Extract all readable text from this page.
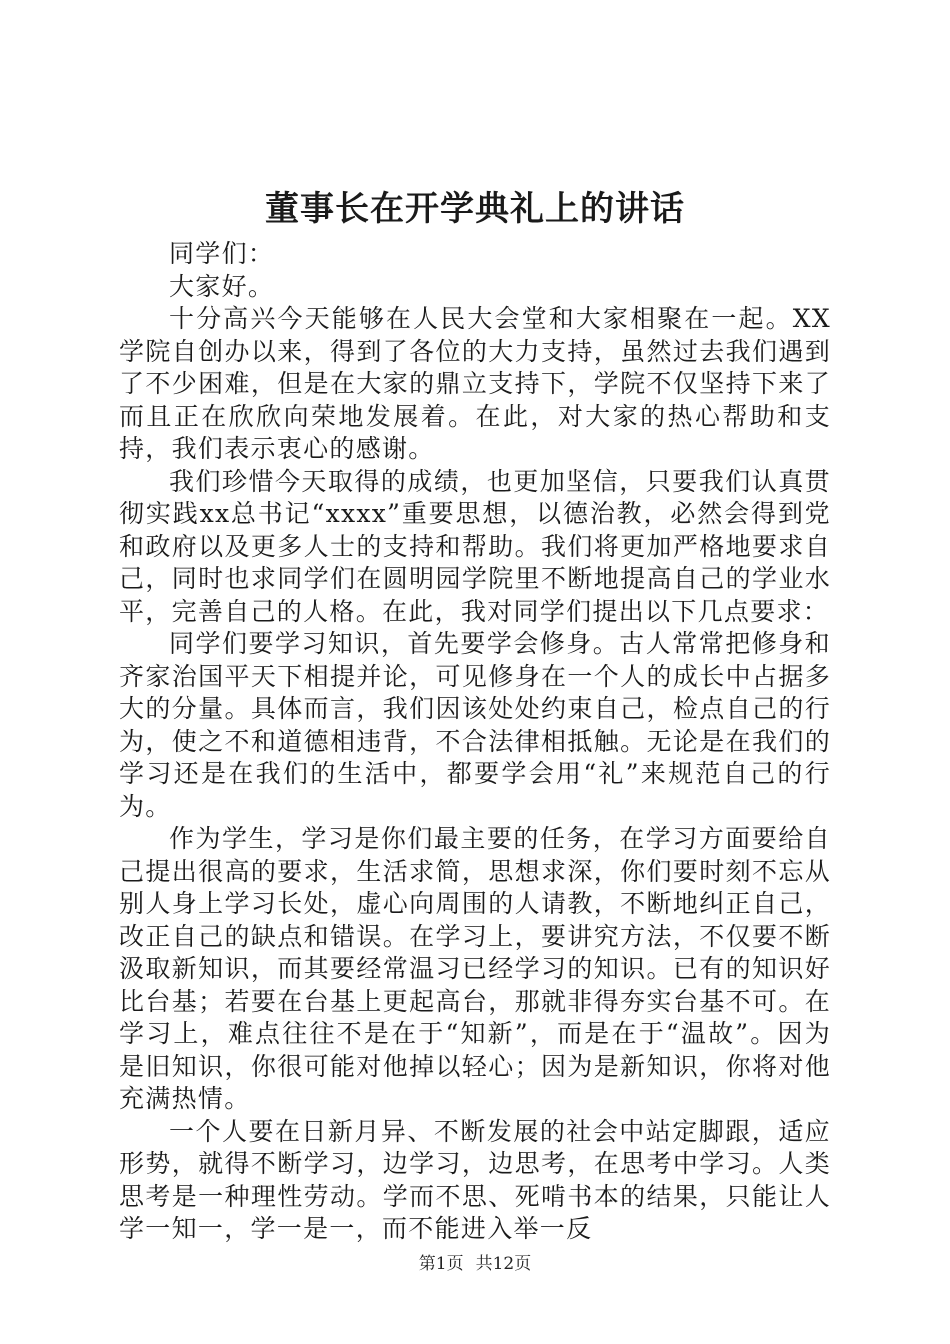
董事长在开学典礼上的讲话

同学们：

大家好。

十分高兴今天能够在人民大会堂和大家相聚在一起。XX学院自创办以来，得到了各位的大力支持，虽然过去我们遇到了不少困难，但是在大家的鼎立支持下，学院不仅坚持下来了而且正在欣欣向荣地发展着。在此，对大家的热心帮助和支持，我们表示衷心的感谢。

我们珍惜今天取得的成绩，也更加坚信，只要我们认真贯彻实践xx总书记“xxxx”重要思想，以德治教，必然会得到党和政府以及更多人士的支持和帮助。我们将更加严格地要求自己，同时也求同学们在圆明园学院里不断地提高自己的学业水平，完善自己的人格。在此，我对同学们提出以下几点要求：

同学们要学习知识，首先要学会修身。古人常常把修身和齐家治国平天下相提并论，可见修身在一个人的成长中占据多大的分量。具体而言，我们因该处处约束自己，检点自己的行为，使之不和道德相违背，不合法律相抵触。无论是在我们的学习还是在我们的生活中，都要学会用“礼”来规范自己的行为。

作为学生，学习是你们最主要的任务，在学习方面要给自己提出很高的要求，生活求简，思想求深，你们要时刻不忘从别人身上学习长处，虚心向周围的人请教，不断地纠正自己，改正自己的缺点和错误。在学习上，要讲究方法，不仅要不断汲取新知识，而其要经常温习已经学习的知识。已有的知识好比台基；若要在台基上更起高台，那就非得夯实台基不可。在学习上，难点往往不是在于“知新”，而是在于“温故”。因为是旧知识，你很可能对他掉以轻心；因为是新知识，你将对他充满热情。

一个人要在日新月异、不断发展的社会中站定脚跟，适应形势，就得不断学习，边学习，边思考，在思考中学习。人类思考是一种理性劳动。学而不思、死啃书本的结果，只能让人学一知一，学一是一，而不能进入举一反

第1页 共12页
